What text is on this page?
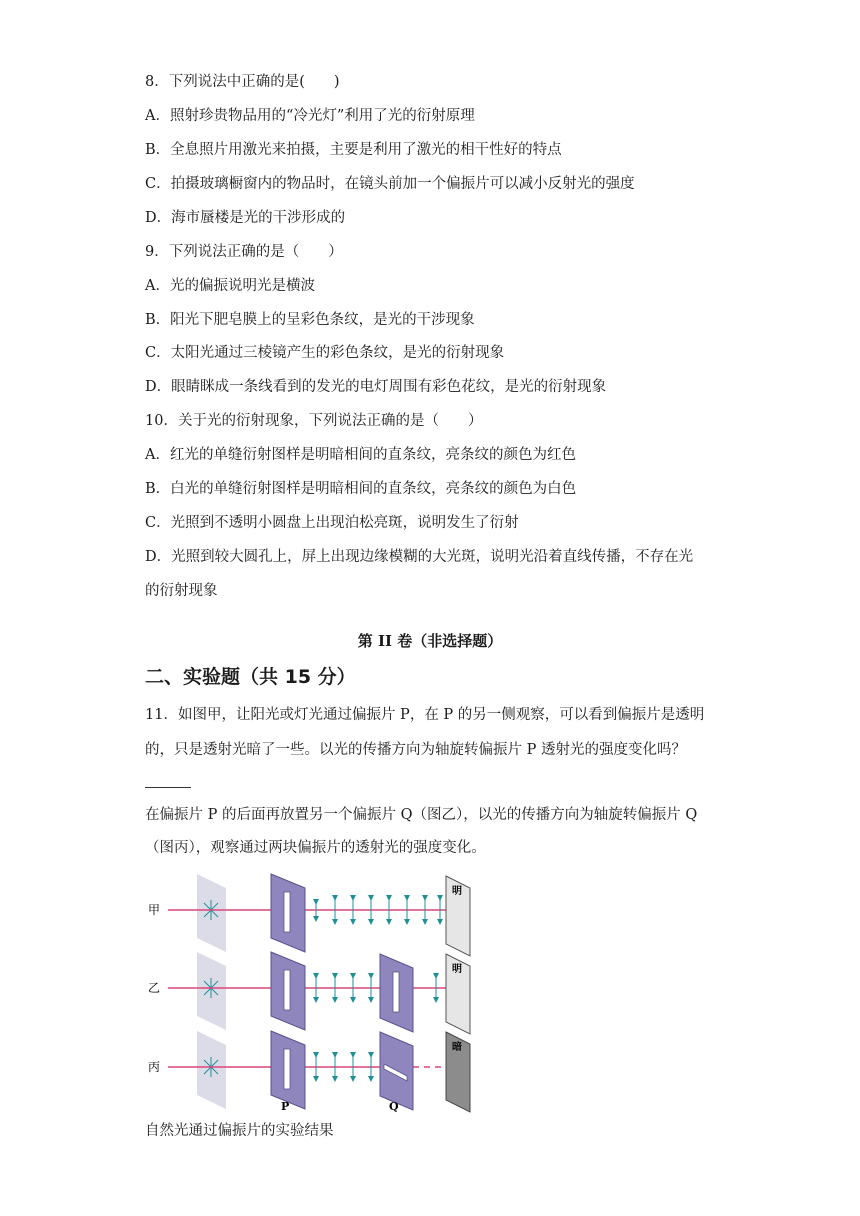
8．下列说法中正确的是(　　)
A．照射珍贵物品用的“冷光灯”利用了光的衍射原理
B．全息照片用激光来拍摄，主要是利用了激光的相干性好的特点
C．拍摄玻璃橱窗内的物品时，在镜头前加一个偏振片可以减小反射光的强度
D．海市蜃楼是光的干涉形成的
9．下列说法正确的是（　　）
A．光的偏振说明光是横波
B．阳光下肥皂膜上的呈彩色条纹，是光的干涉现象
C．太阳光通过三棱镜产生的彩色条纹，是光的衍射现象
D．眼睛眯成一条线看到的发光的电灯周围有彩色花纹，是光的衍射现象
10．关于光的衍射现象，下列说法正确的是（　　）
A．红光的单缝衍射图样是明暗相间的直条纹，亮条纹的颜色为红色
B．白光的单缝衍射图样是明暗相间的直条纹，亮条纹的颜色为白色
C．光照到不透明小圆盘上出现泊松亮斑，说明发生了衍射
D．光照到较大圆孔上，屏上出现边缘模糊的大光斑，说明光沿着直线传播，不存在光
的衍射现象
第 II 卷（非选择题）
二、实验题（共 15 分）
11．如图甲，让阳光或灯光通过偏振片 P，在 P 的另一侧观察，可以看到偏振片是透明
的，只是透射光暗了一些。以光的传播方向为轴旋转偏振片 P 透射光的强度变化吗？
在偏振片 P 的后面再放置另一个偏振片 Q（图乙），以光的传播方向为轴旋转偏振片 Q
（图丙），观察通过两块偏振片的透射光的强度变化。
甲
明
乙
明
丙
P	Q
暗
自然光通过偏振片的实验结果
